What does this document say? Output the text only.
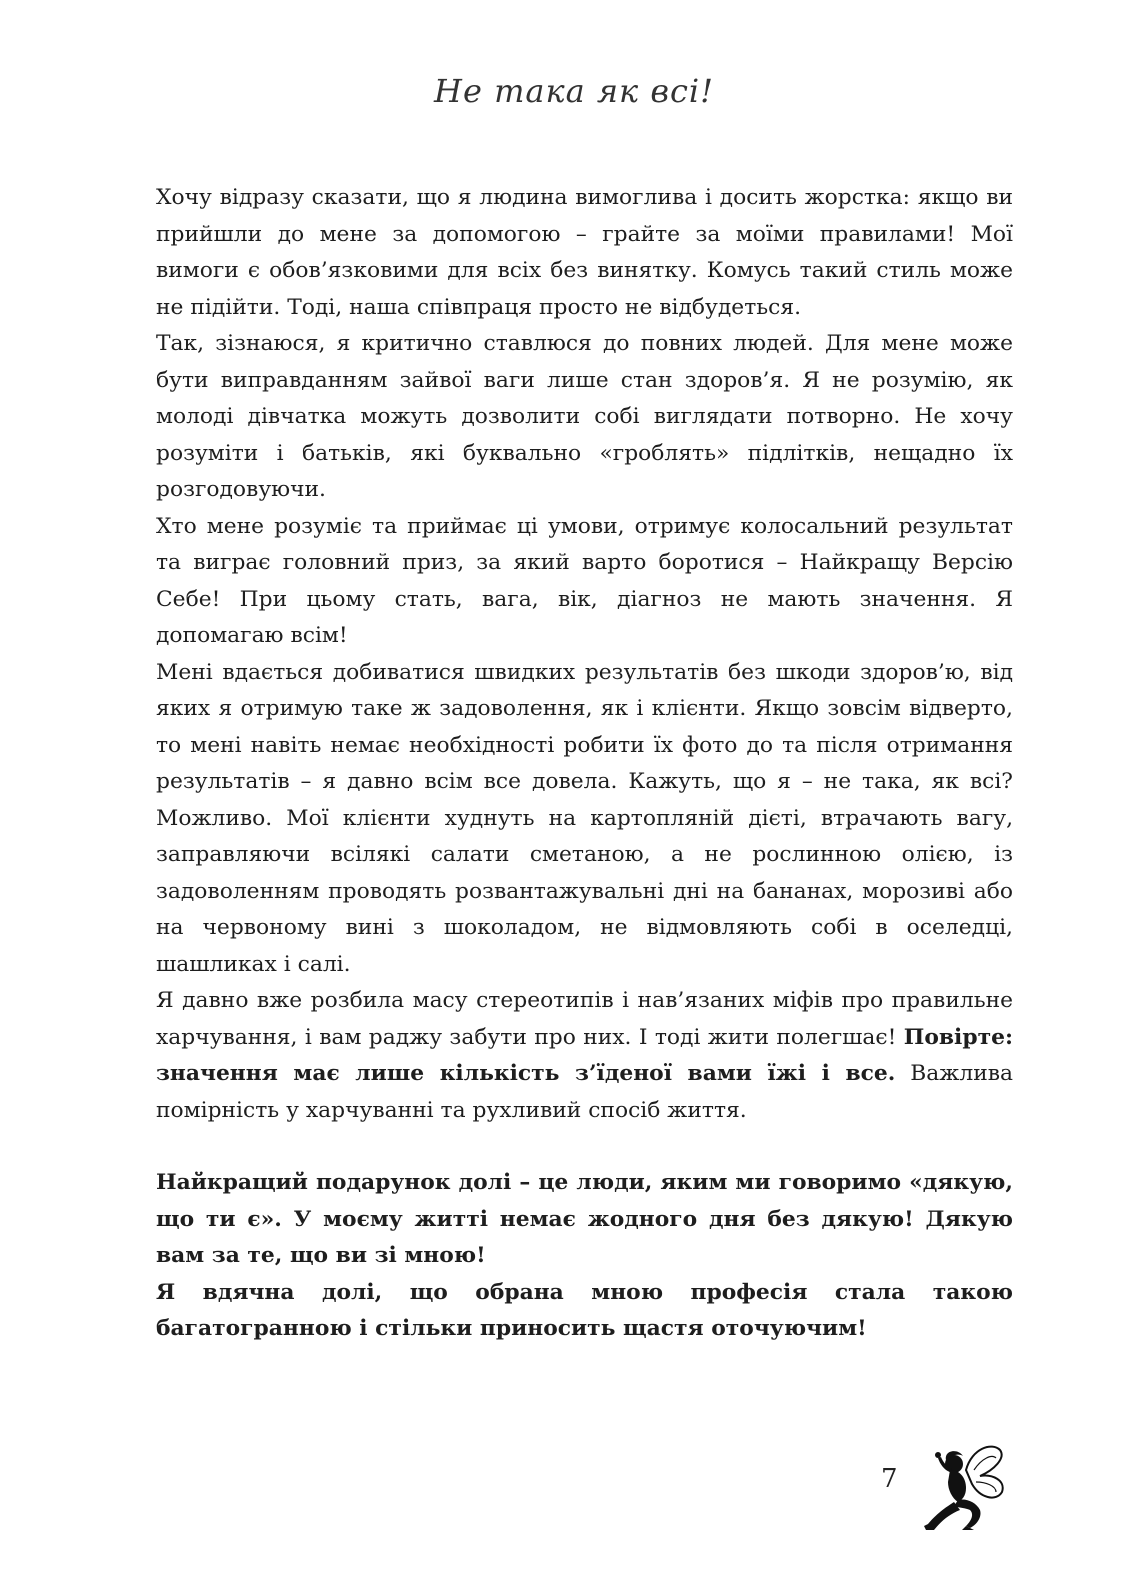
Не така як всі!

Хочу відразу сказати, що я людина вимоглива і досить жорстка: якщо ви прийшли до мене за допомогою – грайте за моїми правилами! Мої вимоги є обов’язковими для всіх без винятку. Комусь такий стиль може не підійти. Тоді, наша співпраця просто не відбудеться.

Так, зізнаюся, я критично ставлюся до повних людей. Для мене може бути виправданням зайвої ваги лише стан здоров’я. Я не розумію, як молоді дівчатка можуть дозволити собі виглядати потворно. Не хочу розуміти і батьків, які буквально «гроблять» підлітків, нещадно їх розгодовуючи.

Хто мене розуміє та приймає ці умови, отримує колосальний результат та виграє головний приз, за який варто боротися – Найкращу Версію Себе! При цьому стать, вага, вік, діагноз не мають значення. Я допомагаю всім!

Мені вдається добиватися швидких результатів без шкоди здоров’ю, від яких я отримую таке ж задоволення, як і клієнти. Якщо зовсім відверто, то мені навіть немає необхідності робити їх фото до та після отримання результатів – я давно всім все довела. Кажуть, що я – не така, як всі? Можливо. Мої клієнти худнуть на картопляній дієті, втрачають вагу, заправляючи всілякі салати сметаною, а не рослинною олією, із задоволенням проводять розвантажувальні дні на бананах, морозиві або на червоному вині з шоколадом, не відмовляють собі в оселедці, шашликах і салі.

Я давно вже розбила масу стереотипів і нав’язаних міфів про правильне харчування, і вам раджу забути про них. І тоді жити полегшає! Повірте: значення має лише кількість з’їденої вами їжі і все. Важлива помірність у харчуванні та рухливий спосіб життя.

Найкращий подарунок долі – це люди, яким ми говоримо «дякую, що ти є». У моєму житті немає жодного дня без дякую! Дякую вам за те, що ви зі мною!

Я вдячна долі, що обрана мною професія стала такою багатогранною і стільки приносить щастя оточуючим!

7
